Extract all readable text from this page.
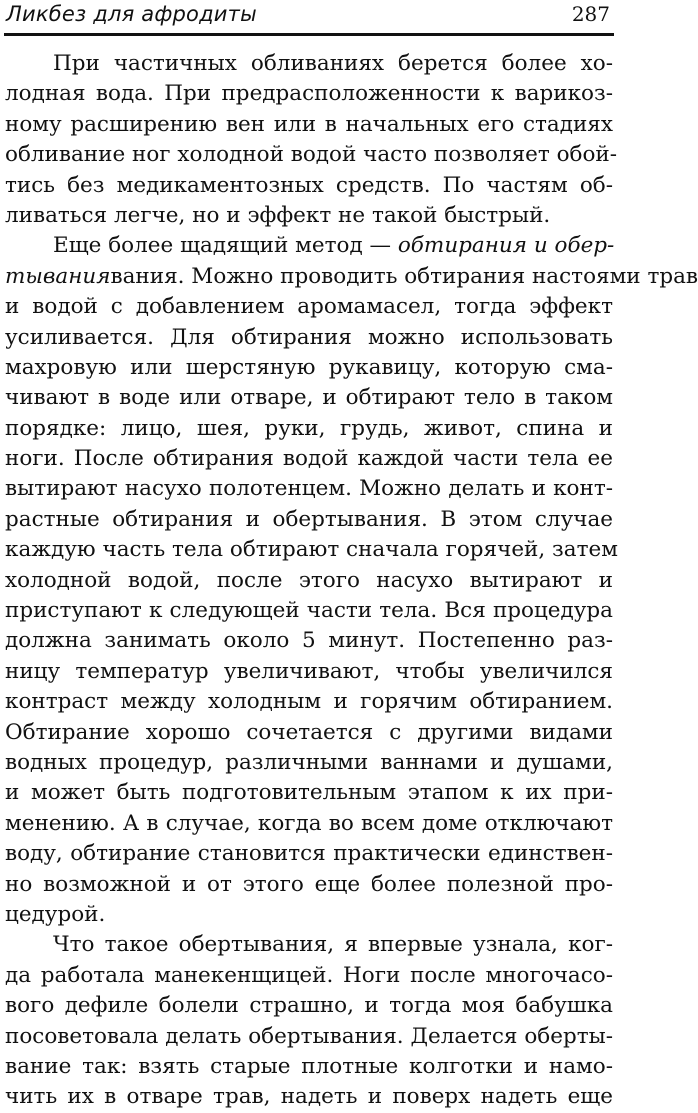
Ликбез для афродиты	287
При частичных обливаниях берется более хо-
лодная вода. При предрасположенности к варикоз-
ному расширению вен или в начальных его стадиях
обливание ног холодной водой часто позволяет обой-
тись без медикаментозных средств. По частям об-
ливаться легче, но и эффект не такой быстрый.
Еще более щадящий метод — обтирания и обер-
тываниявания. Можно проводить обтирания настоями трав
и водой с добавлением аромамасел, тогда эффект
усиливается. Для обтирания можно использовать
махровую или шерстяную рукавицу, которую сма-
чивают в воде или отваре, и обтирают тело в таком
порядке: лицо, шея, руки, грудь, живот, спина и
ноги. После обтирания водой каждой части тела ее
вытирают насухо полотенцем. Можно делать и конт-
растные обтирания и обертывания. В этом случае
каждую часть тела обтирают сначала горячей, затем
холодной водой, после этого насухо вытирают и
приступают к следующей части тела. Вся процедура
должна занимать около 5 минут. Постепенно раз-
ницу температур увеличивают, чтобы увеличился
контраст между холодным и горячим обтиранием.
Обтирание хорошо сочетается с другими видами
водных процедур, различными ваннами и душами,
и может быть подготовительным этапом к их при-
менению. А в случае, когда во всем доме отключают
воду, обтирание становится практически единствен-
но возможной и от этого еще более полезной про-
цедурой.
Что такое обертывания, я впервые узнала, ког-
да работала манекенщицей. Ноги после многочасо-
вого дефиле болели страшно, и тогда моя бабушка
посоветовала делать обертывания. Делается оберты-
вание так: взять старые плотные колготки и намо-
чить их в отваре трав, надеть и поверх надеть еще
